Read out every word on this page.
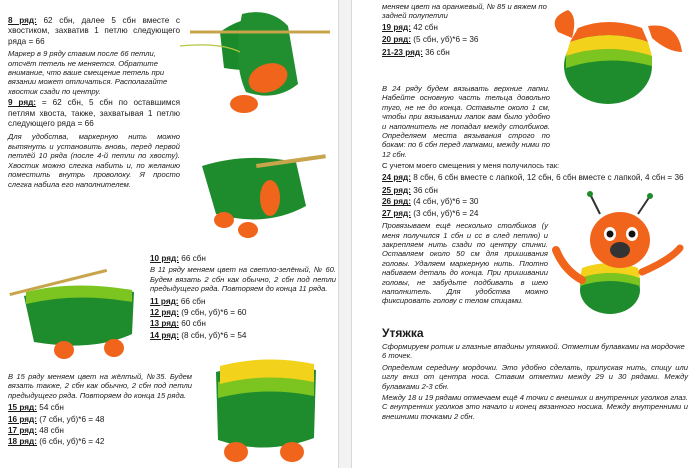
8 ряд: 62 сбн, далее 5 сбн вместе с хвостиком, захватив 1 петлю следующего ряда = 66

Маркер в 9 ряду ставим после 66 петли, отсчёт петель не меняется. Обратите внимание, что ваше смещение петель при вязании может отличаться. Располагайте хвостик сзади по центру.

9 ряд: = 62 сбн, 5 сбн по оставшимся петлям хвоста, также, захватывая 1 петлю следующего ряда = 66

Для удобства, маркерную нить можно вытянуть и установить вновь, перед первой петлёй 10 ряда (после 4-й петли по хвосту). Хвостик можно слегка набить и, по желанию поместить внутрь проволоку. Я просто слегка набила его наполнителем.

10 ряд: 66 сбн

В 11 ряду меняем цвет на светло-зелёный, № 60. Будем вязать 2 сбн как обычно, 2 сбн под петли предыдущего ряда. Повторяем до конца 11 ряда.

11 ряд: 66 сбн

12 ряд: (9 сбн, уб)*6 = 60

13 ряд: 60 сбн

14 ряд: (8 сбн, уб)*6 = 54

В 15 ряду меняем цвет на жёлтый, №35. Будем вязать также, 2 сбн как обычно, 2 сбн под петли предыдущего ряда. Повторяем до конца 15 ряда.

15 ряд: 54 сбн

16 ряд: (7 сбн, уб)*6 = 48

17 ряд: 48 сбн

18 ряд: (6 сбн, уб)*6 = 42

меняем цвет на оранжевый, № 85 и вяжем по задней полупетли

19 ряд: 42 сбн

20 ряд: (5 сбн, уб)*6 = 36

21-23 ряд: 36 сбн

В 24 ряду будем вязывать верхние лапки. Набейте основную часть тельца довольно туго, не не до конца. Оставьте около 1 см, чтобы при вязывании лапок вам было удобно и наполнитель не попадал между столбиков. Определяем места вязывания строго по бокам: по 6 сбн перед лапками, между ними по 12 сбн.

С учетом моего смещения у меня получилось так:

24 ряд: 8 сбн, 6 сбн вместе с лапкой, 12 сбн, 6 сбн вместе с лапкой, 4 сбн = 36

25 ряд: 36 сбн

26 ряд: (4 сбн, уб)*6 = 30

27 ряд: (3 сбн, уб)*6 = 24

Провязываем ещё несколько столбиков (у меня получился 1 сбн и сс в след петлю) и закрепляем нить сзади по центру спинки. Оставляем около 50 см для пришивания головы. Удаляем маркерную нить. Плотно набиваем деталь до конца. При пришивании головы, не забудьте подбивать в шею наполнитель. Для удобства можно фиксировать голову с телом спицами.

Утяжка

Сформируем ротик и глазные впадины утяжкой. Отметим булавками на мордочке 6 точек.

Определим середину мордочки. Это удобно сделать, припуская нить, спицу или иглу вниз от центра носа. Ставим отметки между 29 и 30 рядами. Между булавками 2-3 сбн.

Между 18 и 19 рядами отмечаем ещё 4 точки с внешних и внутренних уголков глаз. С внутренних уголков это начало и конец вязанного носика. Между внутренними и внешними точками 2 сбн.
